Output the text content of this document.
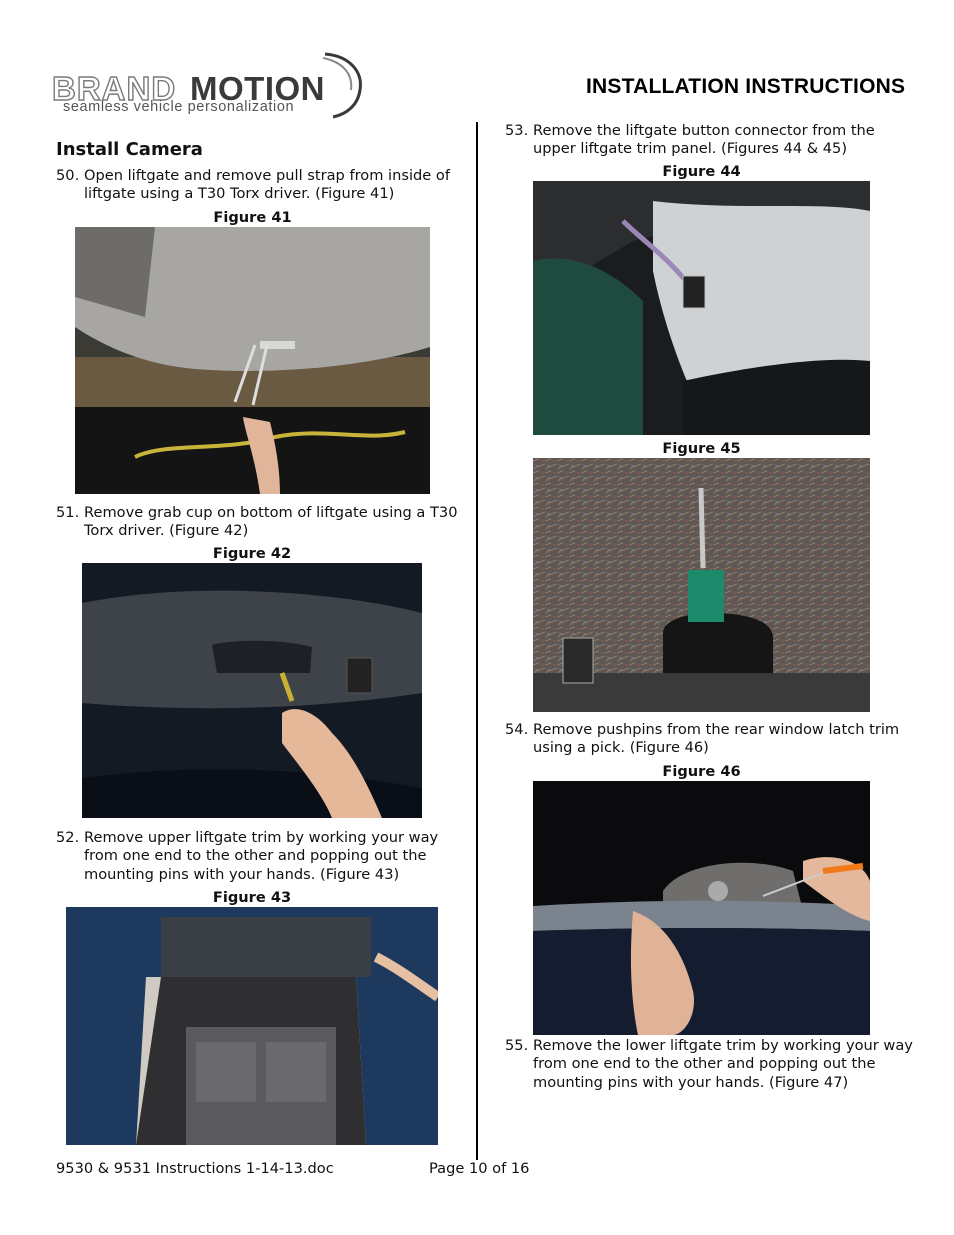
BRAND MOTION
seamless vehicle personalization
INSTALLATION INSTRUCTIONS
Install Camera
50. Open liftgate and remove pull strap from inside of
liftgate using a T30 Torx driver. (Figure 41)
Figure 41
51. Remove grab cup on bottom of liftgate using a T30
Torx driver. (Figure 42)
Figure 42
52. Remove upper liftgate trim by working your way
from one end to the other and popping out the
mounting pins with your hands. (Figure 43)
Figure 43
53. Remove the liftgate button connector from the
upper liftgate trim panel. (Figures 44 & 45)
Figure 44
Figure 45
54. Remove pushpins from the rear window latch trim
using a pick. (Figure 46)
Figure 46
55. Remove the lower liftgate trim by working your way
from one end to the other and popping out the
mounting pins with your hands. (Figure 47)
9530 & 9531 Instructions 1-14-13.doc	Page 10 of 16
